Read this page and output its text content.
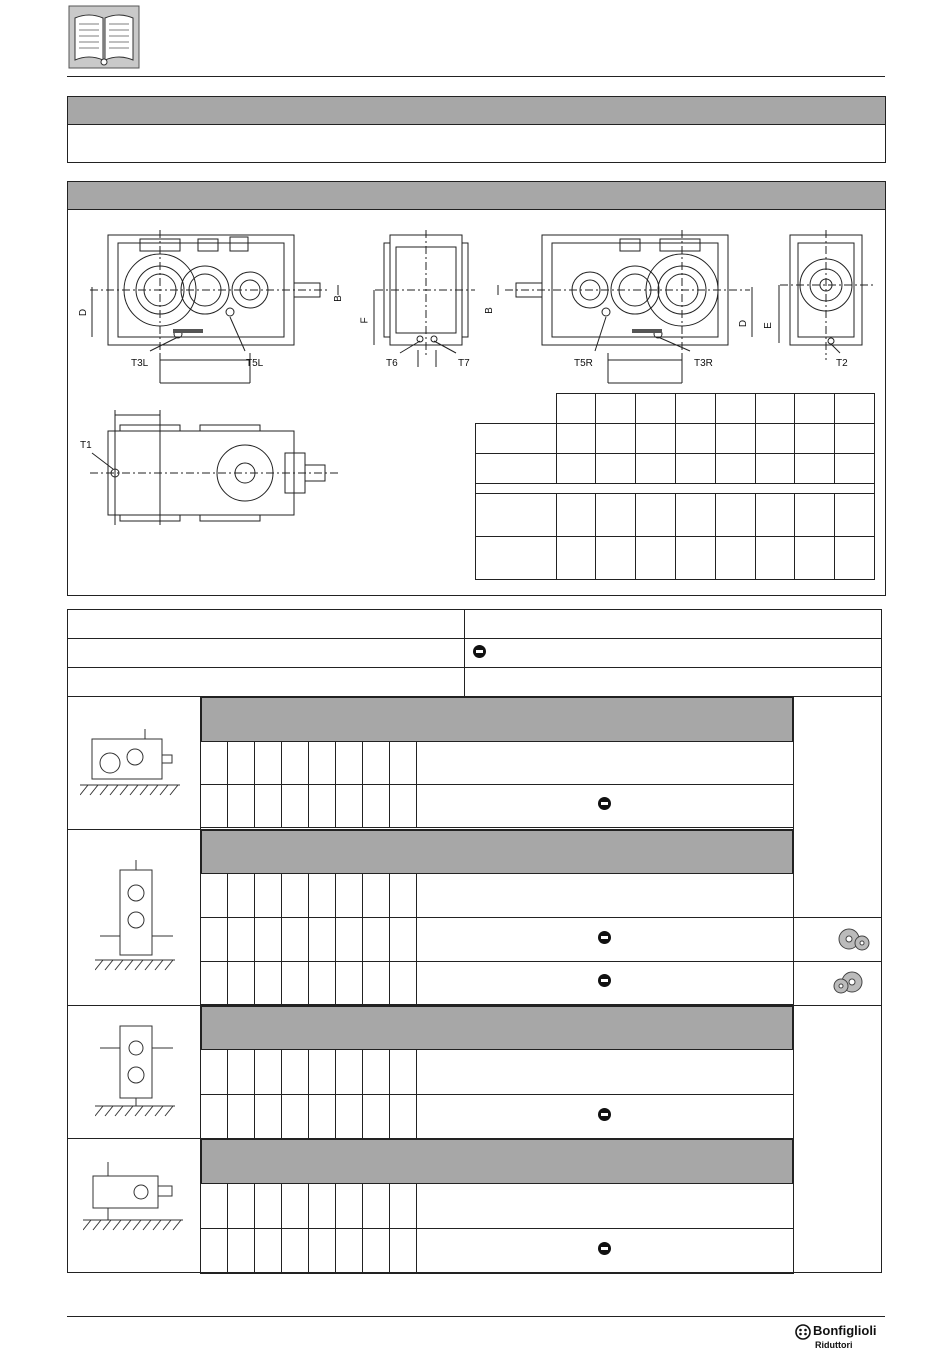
D
B
T3L	T5L
F
T6	T7
B
D
T5R	T3R
E
T2
T1

Bonfiglioli
Riduttori
